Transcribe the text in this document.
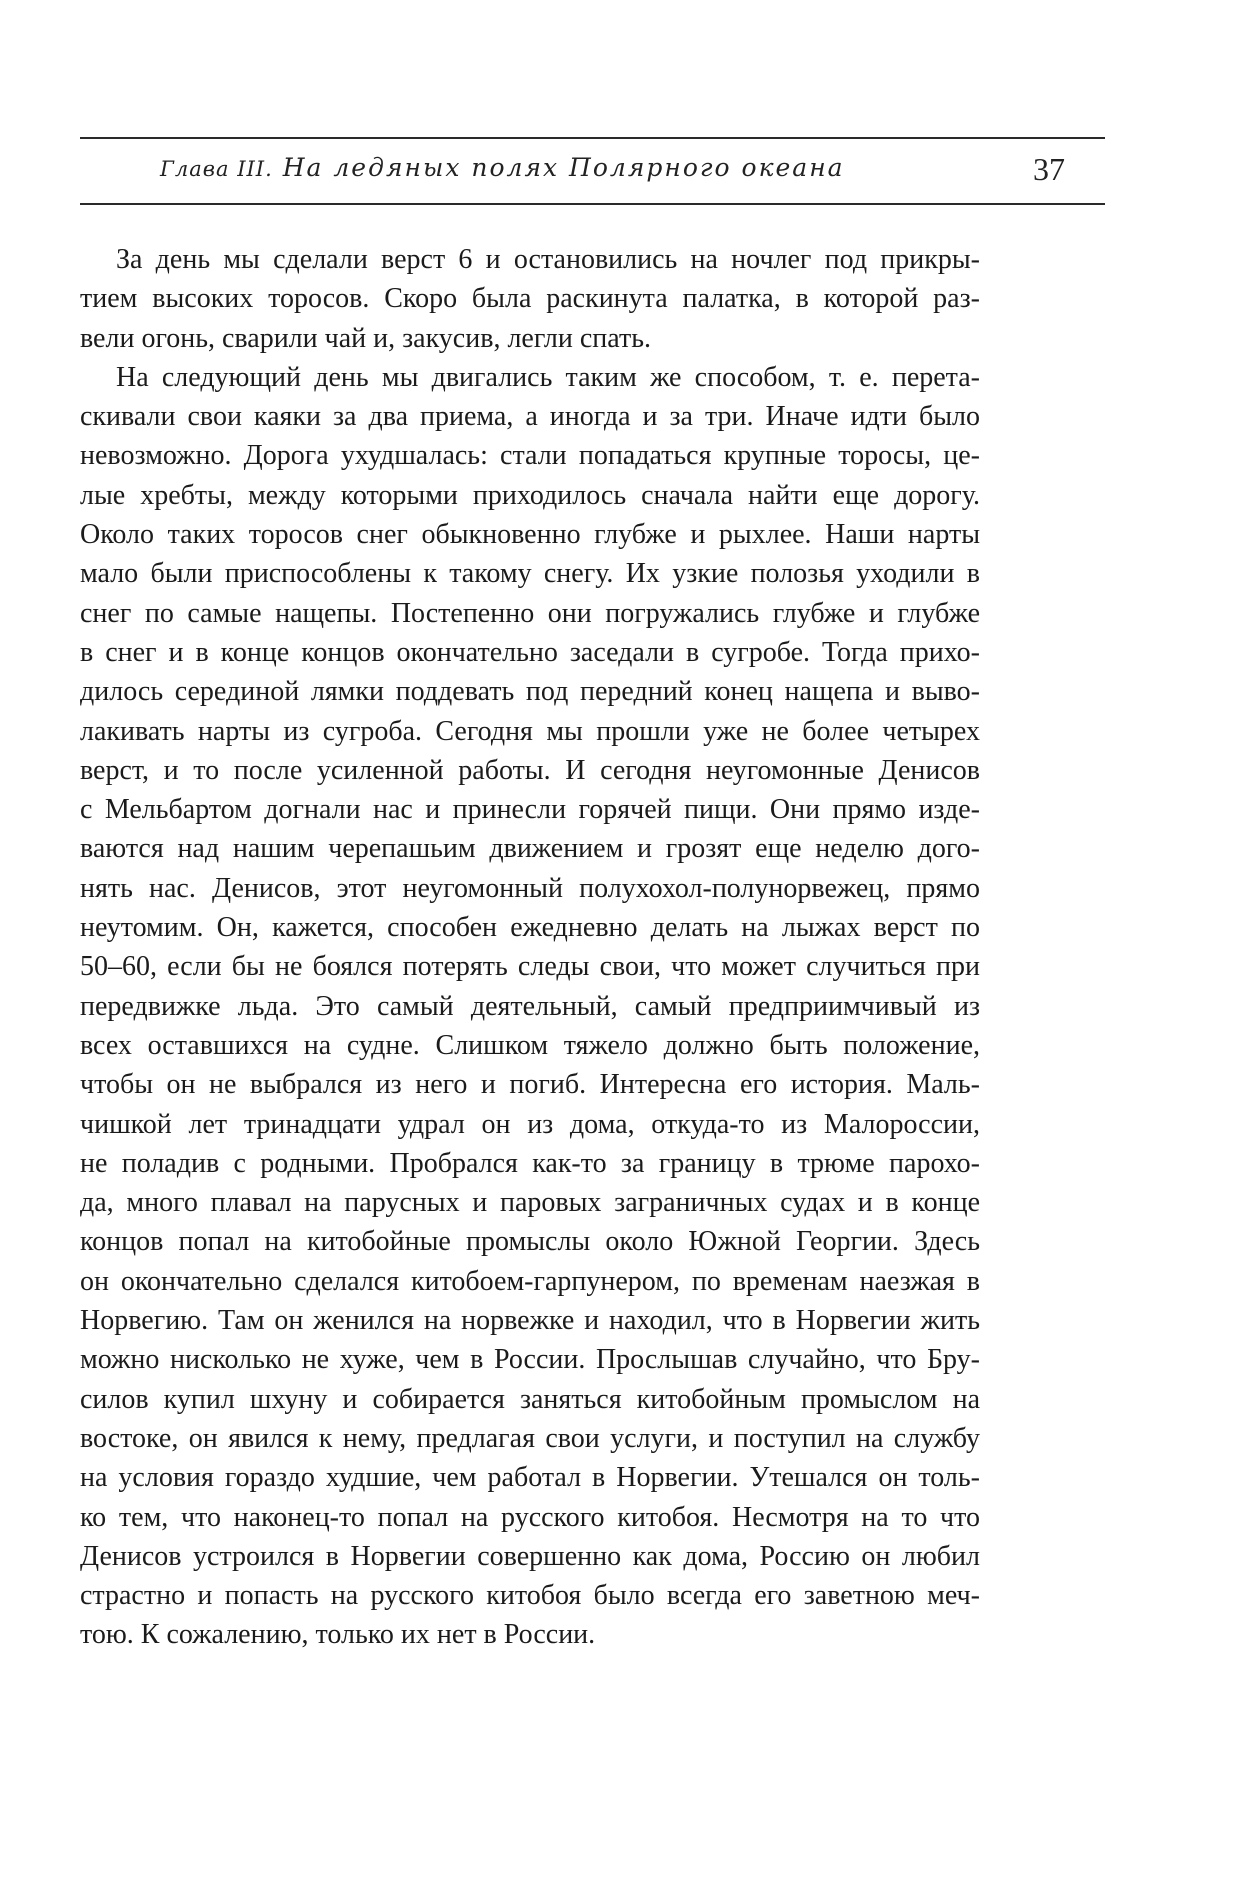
Глава III. На ледяных полях Полярного океана	37
За день мы сделали верст 6 и остановились на ночлег под прикры-
тием высоких торосов. Скоро была раскинута палатка, в которой раз-
вели огонь, сварили чай и, закусив, легли спать.
На следующий день мы двигались таким же способом, т. е. перета-
скивали свои каяки за два приема, а иногда и за три. Иначе идти было
невозможно. Дорога ухудшалась: стали попадаться крупные торосы, це-
лые хребты, между которыми приходилось сначала найти еще дорогу.
Около таких торосов снег обыкновенно глубже и рыхлее. Наши нарты
мало были приспособлены к такому снегу. Их узкие полозья уходили в
снег по самые нащепы. Постепенно они погружались глубже и глубже
в снег и в конце концов окончательно заседали в сугробе. Тогда прихо-
дилось серединой лямки поддевать под передний конец нащепа и выво-
лакивать нарты из сугроба. Сегодня мы прошли уже не более четырех
верст, и то после усиленной работы. И сегодня неугомонные Денисов
с Мельбартом догнали нас и принесли горячей пищи. Они прямо изде-
ваются над нашим черепашьим движением и грозят еще неделю дого-
нять нас. Денисов, этот неугомонный полухохол-полунорвежец, прямо
неутомим. Он, кажется, способен ежедневно делать на лыжах верст по
50–60, если бы не боялся потерять следы свои, что может случиться при
передвижке льда. Это самый деятельный, самый предприимчивый из
всех оставшихся на судне. Слишком тяжело должно быть положение,
чтобы он не выбрался из него и погиб. Интересна его история. Маль-
чишкой лет тринадцати удрал он из дома, откуда-то из Малороссии,
не поладив с родными. Пробрался как-то за границу в трюме парохо-
да, много плавал на парусных и паровых заграничных судах и в конце
концов попал на китобойные промыслы около Южной Георгии. Здесь
он окончательно сделался китобоем-гарпунером, по временам наезжая в
Норвегию. Там он женился на норвежке и находил, что в Норвегии жить
можно нисколько не хуже, чем в России. Прослышав случайно, что Бру-
силов купил шхуну и собирается заняться китобойным промыслом на
востоке, он явился к нему, предлагая свои услуги, и поступил на службу
на условия гораздо худшие, чем работал в Норвегии. Утешался он толь-
ко тем, что наконец-то попал на русского китобоя. Несмотря на то что
Денисов устроился в Норвегии совершенно как дома, Россию он любил
страстно и попасть на русского китобоя было всегда его заветною меч-
тою. К сожалению, только их нет в России.
